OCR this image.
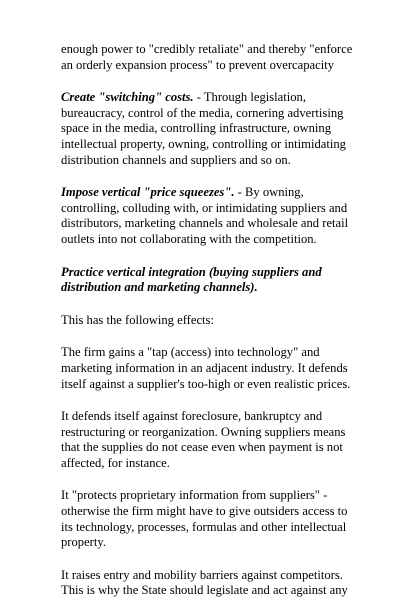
enough power to "credibly retaliate" and thereby "enforce
an orderly expansion process" to prevent overcapacity

Create "switching" costs. - Through legislation,
bureaucracy, control of the media, cornering advertising
space in the media, controlling infrastructure, owning
intellectual property, owning, controlling or intimidating
distribution channels and suppliers and so on.

Impose vertical "price squeezes". - By owning,
controlling, colluding with, or intimidating suppliers and
distributors, marketing channels and wholesale and retail
outlets into not collaborating with the competition.

Practice vertical integration (buying suppliers and
distribution and marketing channels).

This has the following effects:

The firm gains a "tap (access) into technology" and
marketing information in an adjacent industry. It defends
itself against a supplier's too-high or even realistic prices.

It defends itself against foreclosure, bankruptcy and
restructuring or reorganization. Owning suppliers means
that the supplies do not cease even when payment is not
affected, for instance.

It "protects proprietary information from suppliers" -
otherwise the firm might have to give outsiders access to
its technology, processes, formulas and other intellectual
property.

It raises entry and mobility barriers against competitors.
This is why the State should legislate and act against any
